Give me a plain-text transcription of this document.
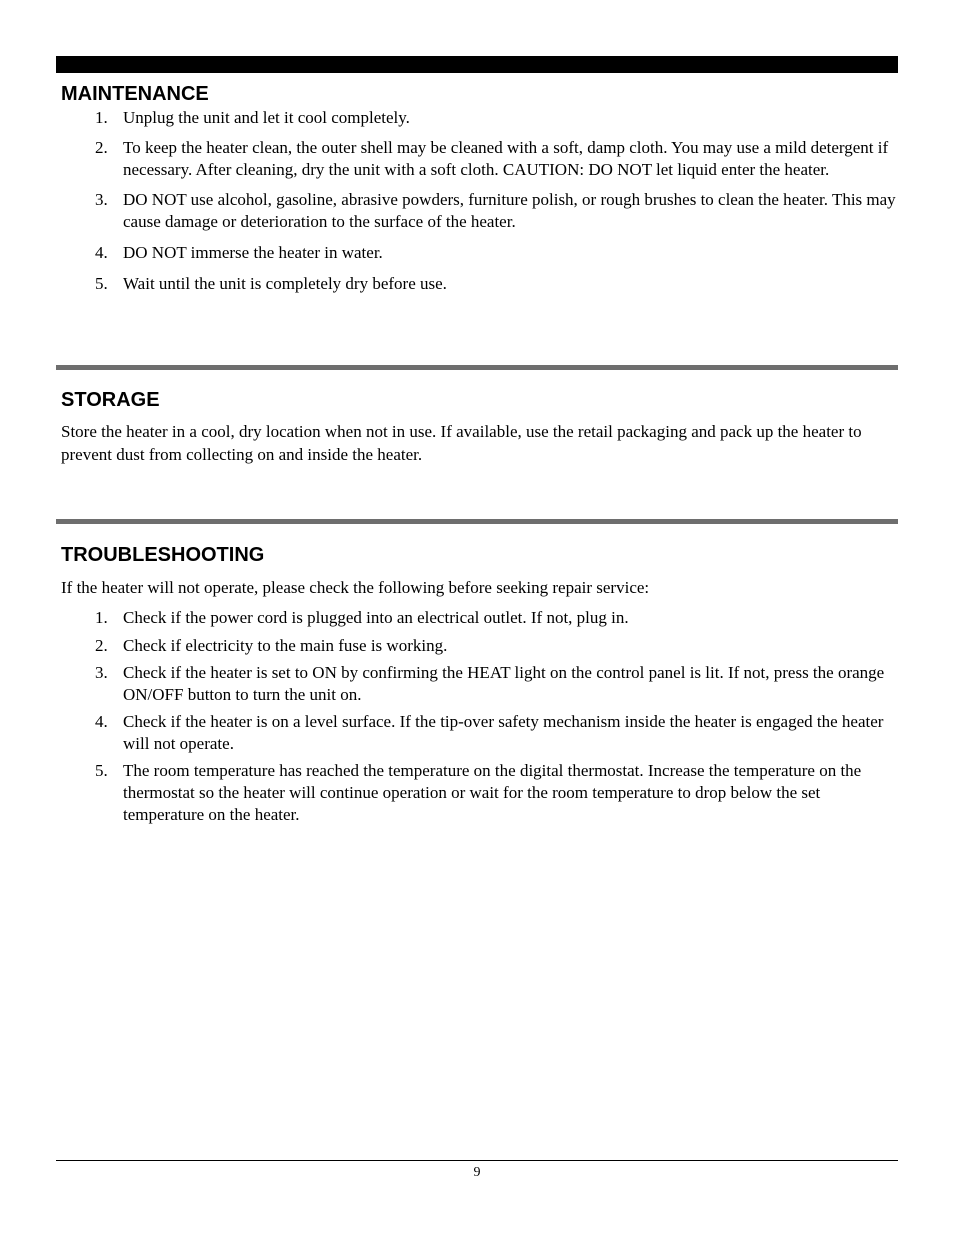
MAINTENANCE
1. Unplug the unit and let it cool completely.
2. To keep the heater clean, the outer shell may be cleaned with a soft, damp cloth. You may use a mild detergent if necessary. After cleaning, dry the unit with a soft cloth. CAUTION: DO NOT let liquid enter the heater.
3. DO NOT use alcohol, gasoline, abrasive powders, furniture polish, or rough brushes to clean the heater. This may cause damage or deterioration to the surface of the heater.
4. DO NOT immerse the heater in water.
5. Wait until the unit is completely dry before use.
STORAGE

Store the heater in a cool, dry location when not in use. If available, use the retail packaging and pack up the heater to prevent dust from collecting on and inside the heater.

TROUBLESHOOTING

If the heater will not operate, please check the following before seeking repair service:

1. Check if the power cord is plugged into an electrical outlet. If not, plug in.
2. Check if electricity to the main fuse is working.
3. Check if the heater is set to ON by confirming the HEAT light on the control panel is lit. If not, press the orange ON/OFF button to turn the unit on.
4. Check if the heater is on a level surface. If the tip-over safety mechanism inside the heater is engaged the heater will not operate.
5. The room temperature has reached the temperature on the digital thermostat. Increase the temperature on the thermostat so the heater will continue operation or wait for the room temperature to drop below the set temperature on the heater.
9
